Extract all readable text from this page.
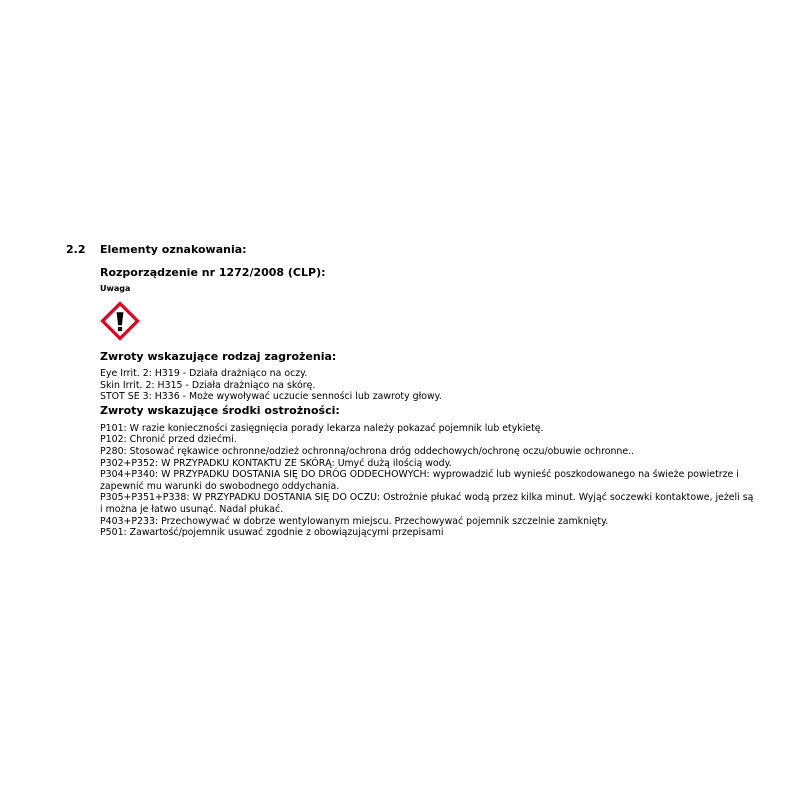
2.2	Elementy oznakowania:
Rozporządzenie nr 1272/2008 (CLP):
Uwaga
Zwroty wskazujące rodzaj zagrożenia:

Eye Irrit. 2: H319 - Działa drażniąco na oczy.

Skin Irrit. 2: H315 - Działa drażniąco na skórę.

STOT SE 3: H336 - Może wywoływać uczucie senności lub zawroty głowy.

Zwroty wskazujące środki ostrożności:

P101: W razie konieczności zasięgnięcia porady lekarza należy pokazać pojemnik lub etykietę.

P102: Chronić przed dziećmi.

P280: Stosować rękawice ochronne/odzież ochronną/ochrona dróg oddechowych/ochronę oczu/obuwie ochronne..

P302+P352: W PRZYPADKU KONTAKTU ZE SKÓRĄ: Umyć dużą ilością wody.

P304+P340: W PRZYPADKU DOSTANIA SIĘ DO DRÓG ODDECHOWYCH: wyprowadzić lub wynieść poszkodowanego na świeże powietrze i zapewnić mu warunki do swobodnego oddychania.

P305+P351+P338: W PRZYPADKU DOSTANIA SIĘ DO OCZU: Ostrożnie płukać wodą przez kilka minut. Wyjąć soczewki kontaktowe, jeżeli są i można je łatwo usunąć. Nadal płukać.

P403+P233: Przechowywać w dobrze wentylowanym miejscu. Przechowywać pojemnik szczelnie zamknięty.

P501: Zawartość/pojemnik usuwać zgodnie z obowiązującymi przepisami
